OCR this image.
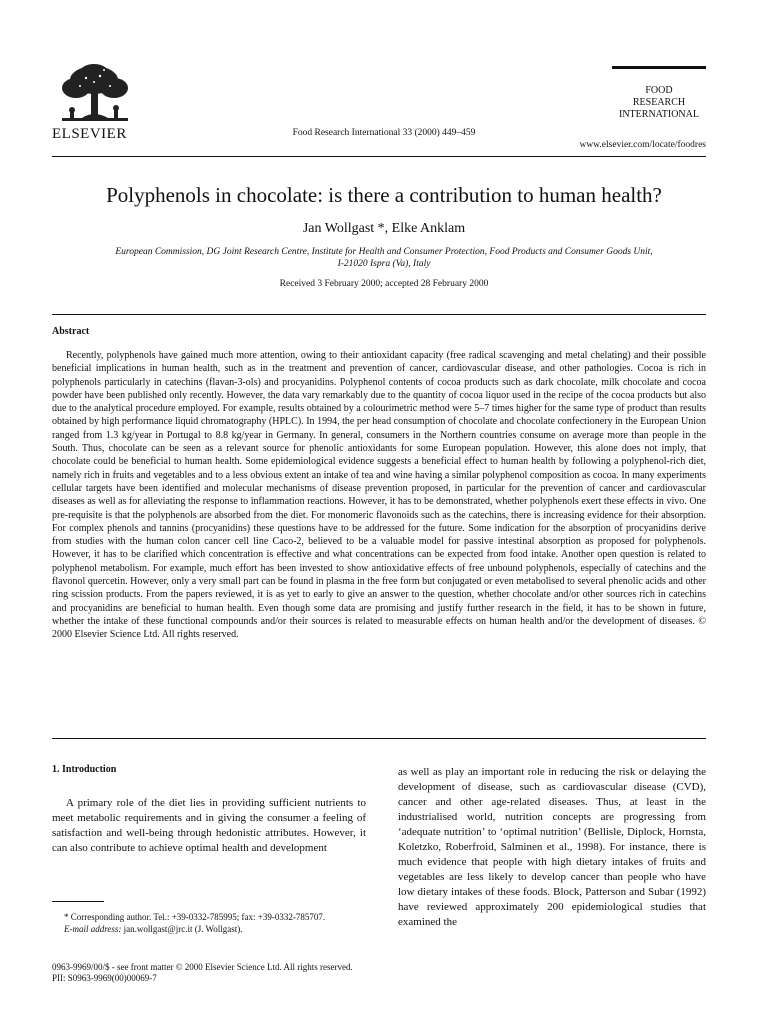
ELSEVIER	Food Research International 33 (2000) 449–459
FOOD
RESEARCH
INTERNATIONAL
www.elsevier.com/locate/foodres
Polyphenols in chocolate: is there a contribution to human health?
Jan Wollgast *, Elke Anklam
European Commission, DG Joint Research Centre, Institute for Health and Consumer Protection, Food Products and Consumer Goods Unit,
I-21020 Ispra (Va), Italy
Received 3 February 2000; accepted 28 February 2000
Abstract

Recently, polyphenols have gained much more attention, owing to their antioxidant capacity (free radical scavenging and metal chelating) and their possible beneficial implications in human health, such as in the treatment and prevention of cancer, cardiovascular disease, and other pathologies. Cocoa is rich in polyphenols particularly in catechins (flavan-3-ols) and procyanidins. Polyphenol contents of cocoa products such as dark chocolate, milk chocolate and cocoa powder have been published only recently. However, the data vary remarkably due to the quantity of cocoa liquor used in the recipe of the cocoa products but also due to the analytical procedure employed. For example, results obtained by a colourimetric method were 5–7 times higher for the same type of product than results obtained by high performance liquid chromatography (HPLC). In 1994, the per head consumption of chocolate and chocolate confectionery in the European Union ranged from 1.3 kg/year in Portugal to 8.8 kg/year in Germany. In general, consumers in the Northern countries consume on average more than people in the South. Thus, chocolate can be seen as a relevant source for phenolic antioxidants for some European population. However, this alone does not imply, that chocolate could be beneficial to human health. Some epidemiological evidence suggests a beneficial effect to human health by following a polyphenol-rich diet, namely rich in fruits and vegetables and to a less obvious extent an intake of tea and wine having a similar polyphenol composition as cocoa. In many experiments cellular targets have been identified and molecular mechanisms of disease prevention proposed, in particular for the prevention of cancer and cardiovascular diseases as well as for alleviating the response to inflammation reactions. However, it has to be demonstrated, whether polyphenols exert these effects in vivo. One pre-requisite is that the polyphenols are absorbed from the diet. For monomeric flavonoids such as the catechins, there is increasing evidence for their absorption. For complex phenols and tannins (procyanidins) these questions have to be addressed for the future. Some indication for the absorption of procyanidins derive from studies with the human colon cancer cell line Caco-2, believed to be a valuable model for passive intestinal absorption as proposed for polyphenols. However, it has to be clarified which concentration is effective and what concentrations can be expected from food intake. Another open question is related to polyphenol metabolism. For example, much effort has been invested to show antioxidative effects of free unbound polyphenols, especially of catechins and the flavonol quercetin. However, only a very small part can be found in plasma in the free form but conjugated or even metabolised to several phenolic acids and other ring scission products. From the papers reviewed, it is as yet to early to give an answer to the question, whether chocolate and/or other sources rich in catechins and procyanidins are beneficial to human health. Even though some data are promising and justify further research in the field, it has to be shown in future, whether the intake of these functional compounds and/or their sources is related to measurable effects on human health and/or the development of diseases. © 2000 Elsevier Science Ltd. All rights reserved.

1. Introduction

A primary role of the diet lies in providing sufficient nutrients to meet metabolic requirements and in giving the consumer a feeling of satisfaction and well-being through hedonistic attributes. However, it can also contribute to achieve optimal health and development

as well as play an important role in reducing the risk or delaying the development of disease, such as cardiovascular disease (CVD), cancer and other age-related diseases. Thus, at least in the industrialised world, nutrition concepts are progressing from ‘adequate nutrition’ to ‘optimal nutrition’ (Bellisle, Diplock, Hornsta, Koletzko, Roberfroid, Salminen et al., 1998). For instance, there is much evidence that people with high dietary intakes of fruits and vegetables are less likely to develop cancer than people who have low dietary intakes of these foods. Block, Patterson and Subar (1992) have reviewed approximately 200 epidemiological studies that examined the

* Corresponding author. Tel.: +39-0332-785995; fax: +39-0332-785707.
E-mail address: jan.wollgast@jrc.it (J. Wollgast).
0963-9969/00/$ - see front matter © 2000 Elsevier Science Ltd. All rights reserved.
PII: S0963-9969(00)00069-7
